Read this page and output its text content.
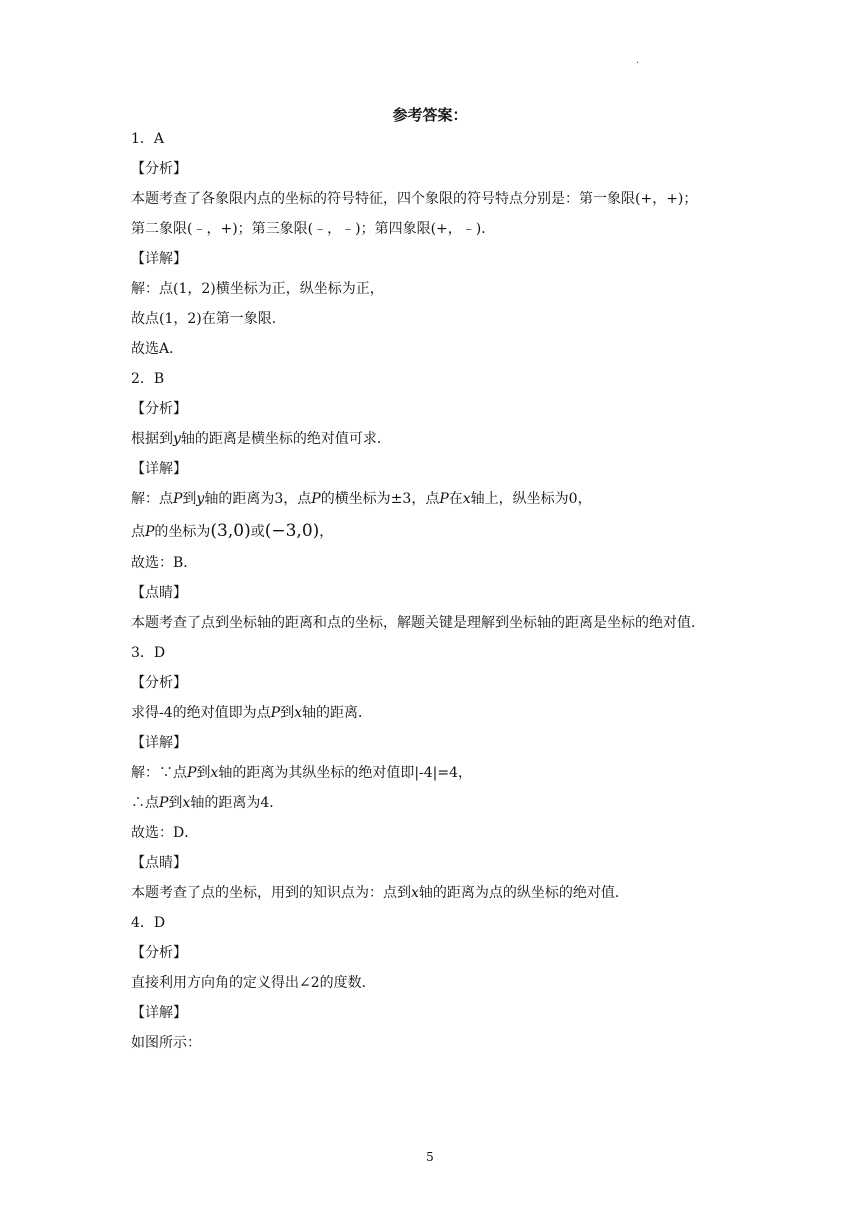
.
参考答案：
1．A
【分析】
本题考查了各象限内点的坐标的符号特征，四个象限的符号特点分别是：第一象限(+，+)；
第二象限(﹣，+)；第三象限(﹣，﹣)；第四象限(+，﹣)．
【详解】
解：点(1，2)横坐标为正，纵坐标为正，
故点(1，2)在第一象限．
故选A．
2．B
【分析】
根据到y轴的距离是横坐标的绝对值可求．
【详解】
解：点P到y轴的距离为3，点P的横坐标为±3，点P在x轴上，纵坐标为0，
点P的坐标为(3,0)或(−3,0)，
故选：B．
【点睛】
本题考查了点到坐标轴的距离和点的坐标，解题关键是理解到坐标轴的距离是坐标的绝对值．
3．D
【分析】
求得-4的绝对值即为点P到x轴的距离．
【详解】
解：∵点P到x轴的距离为其纵坐标的绝对值即|-4|=4，
∴点P到x轴的距离为4．
故选：D．
【点睛】
本题考查了点的坐标，用到的知识点为：点到x轴的距离为点的纵坐标的绝对值．
4．D
【分析】
直接利用方向角的定义得出∠2的度数．
【详解】
如图所示：
5
